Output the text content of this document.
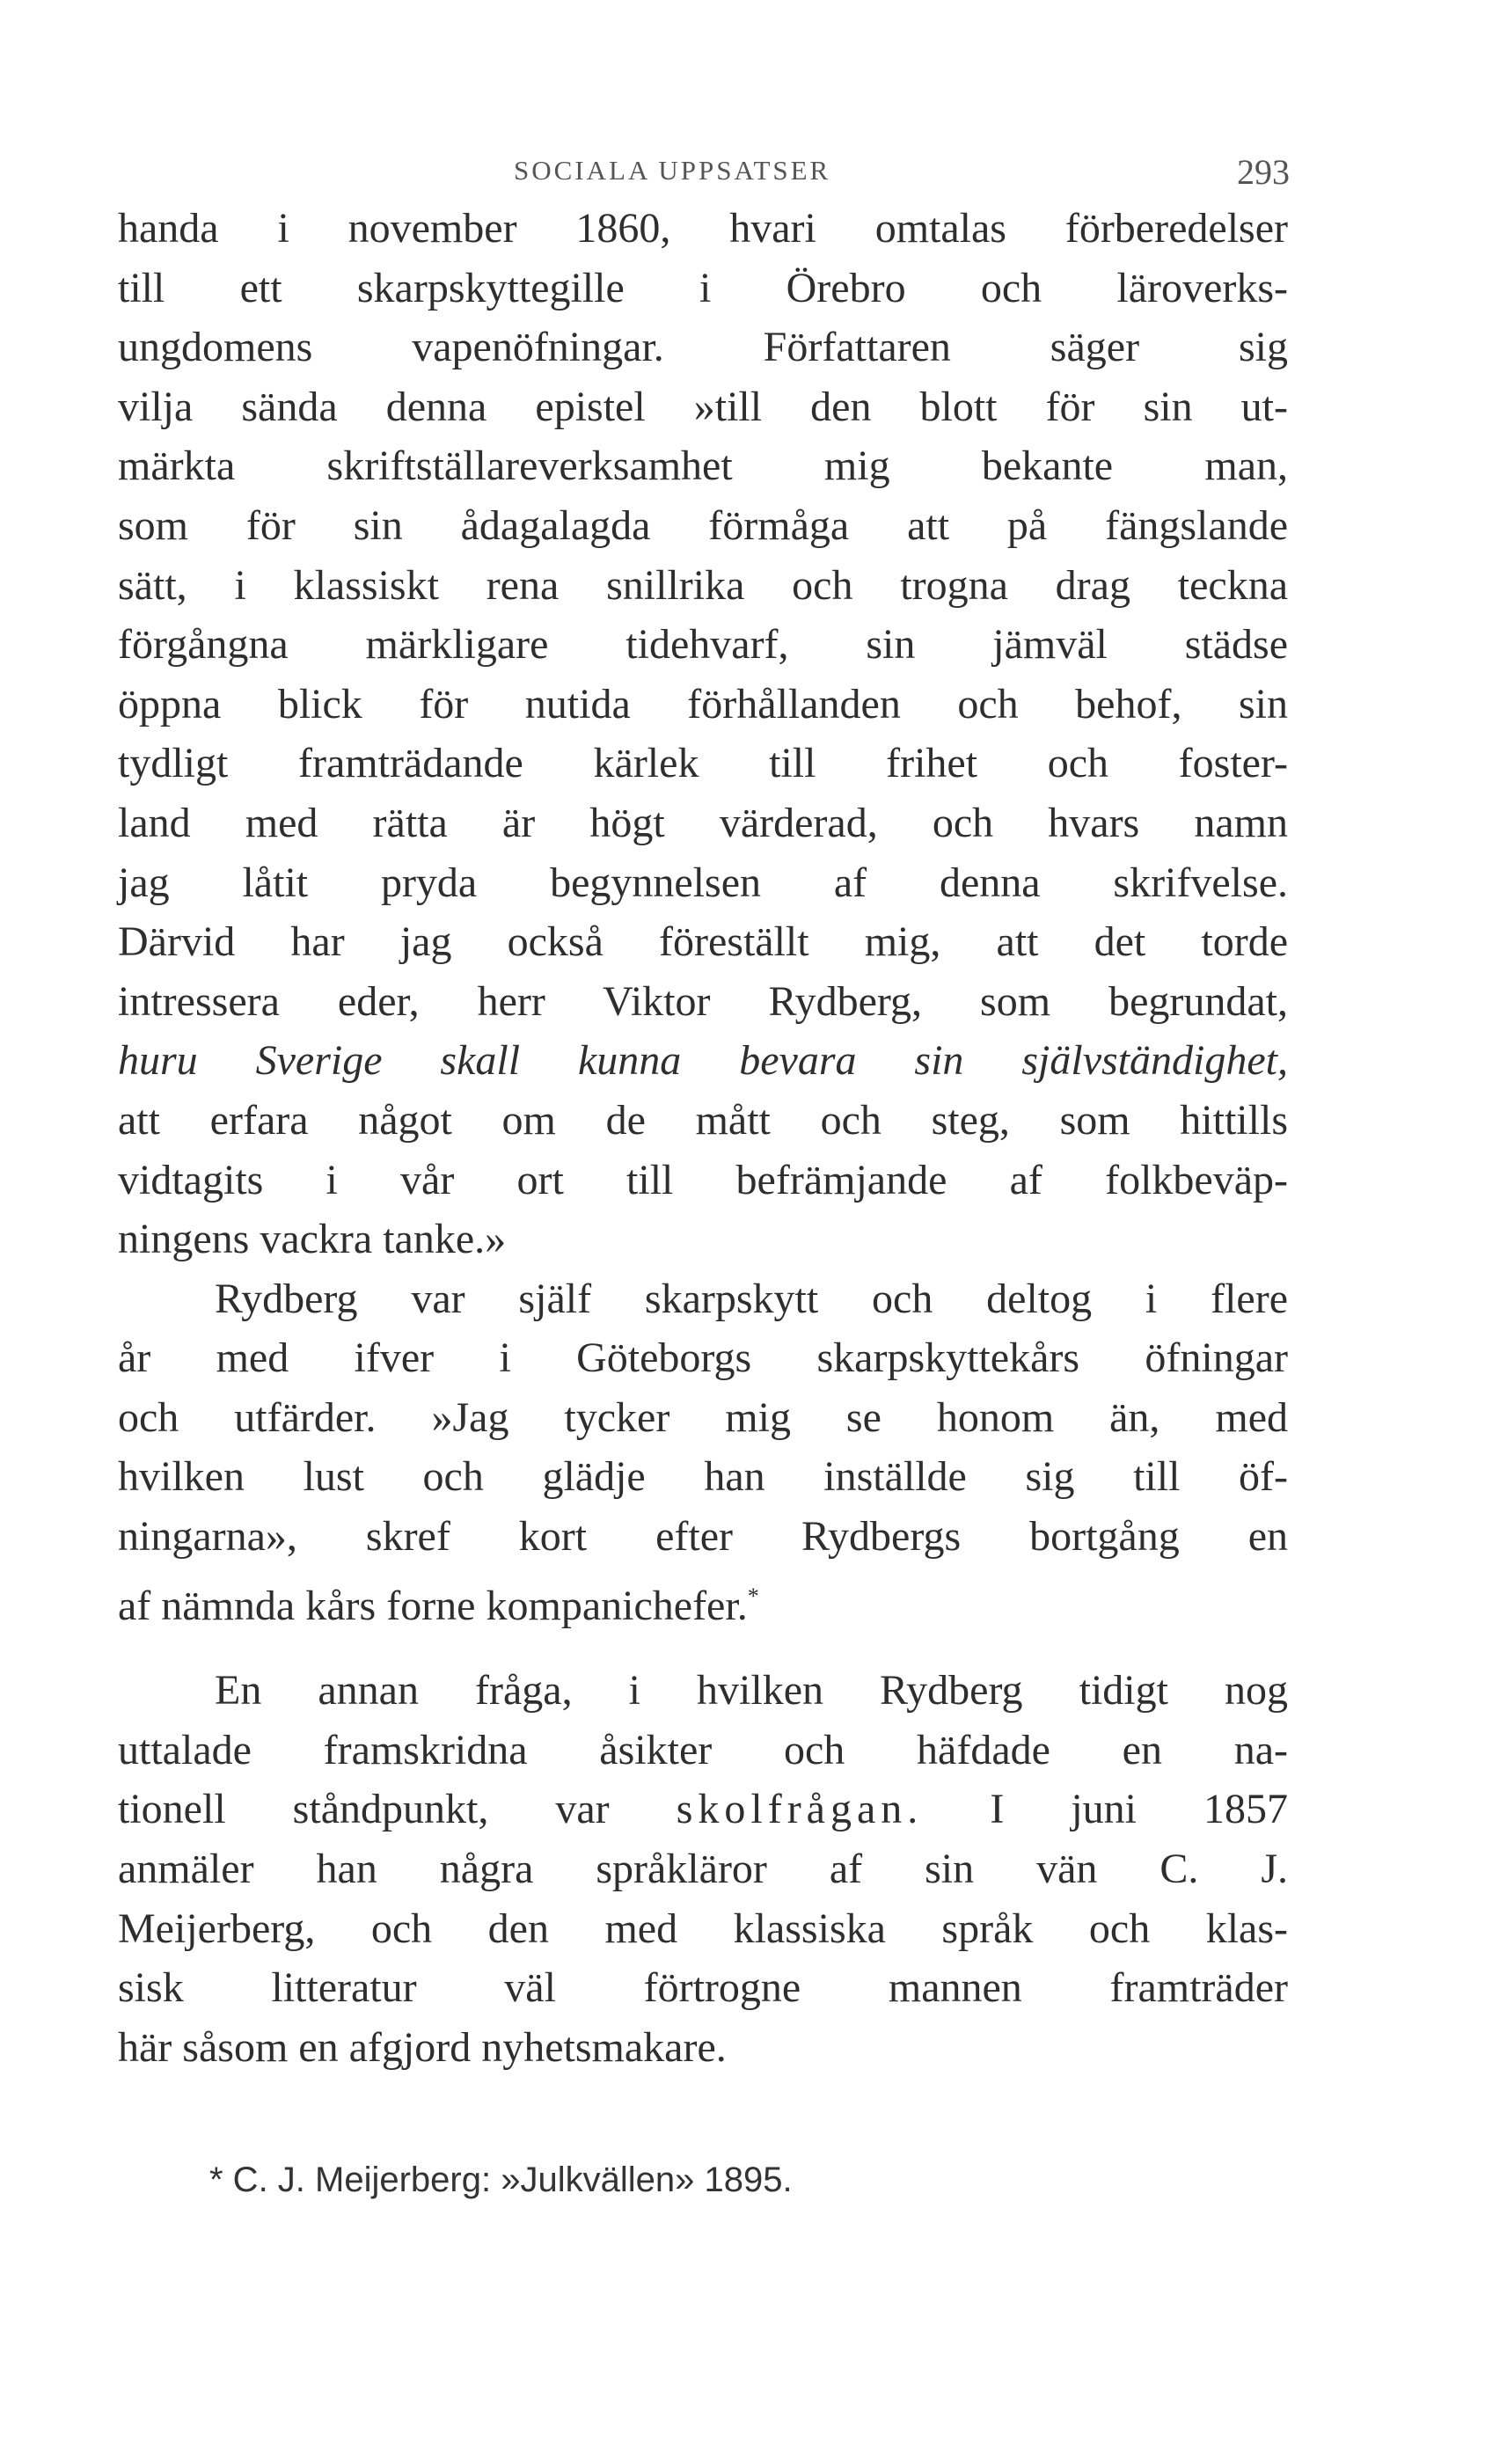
SOCIALA UPPSATSER	293
handa i november 1860, hvari omtalas förberedelser
till ett skarpskyttegille i Örebro och läroverks-
ungdomens vapenöfningar. Författaren säger sig
vilja sända denna epistel »till den blott för sin ut-
märkta skriftställareverksamhet mig bekante man,
som för sin ådagalagda förmåga att på fängslande
sätt, i klassiskt rena snillrika och trogna drag teckna
förgångna märkligare tidehvarf, sin jämväl städse
öppna blick för nutida förhållanden och behof, sin
tydligt framträdande kärlek till frihet och foster-
land med rätta är högt värderad, och hvars namn
jag låtit pryda begynnelsen af denna skrifvelse.
Därvid har jag också föreställt mig, att det torde
intressera eder, herr Viktor Rydberg, som begrundat,
huru Sverige skall kunna bevara sin självständighet,
att erfara något om de mått och steg, som hittills
vidtagits i vår ort till befrämjande af folkbeväp-
ningens vackra tanke.»
Rydberg var själf skarpskytt och deltog i flere
år med ifver i Göteborgs skarpskyttekårs öfningar
och utfärder. »Jag tycker mig se honom än, med
hvilken lust och glädje han inställde sig till öf-
ningarna», skref kort efter Rydbergs bortgång en
af nämnda kårs forne kompanichefer.*
En annan fråga, i hvilken Rydberg tidigt nog
uttalade framskridna åsikter och häfdade en na-
tionell ståndpunkt, var skolfrågan. I juni 1857
anmäler han några språkläror af sin vän C. J.
Meijerberg, och den med klassiska språk och klas-
sisk litteratur väl förtrogne mannen framträder
här såsom en afgjord nyhetsmakare.
* C. J. Meijerberg: »Julkvällen» 1895.
